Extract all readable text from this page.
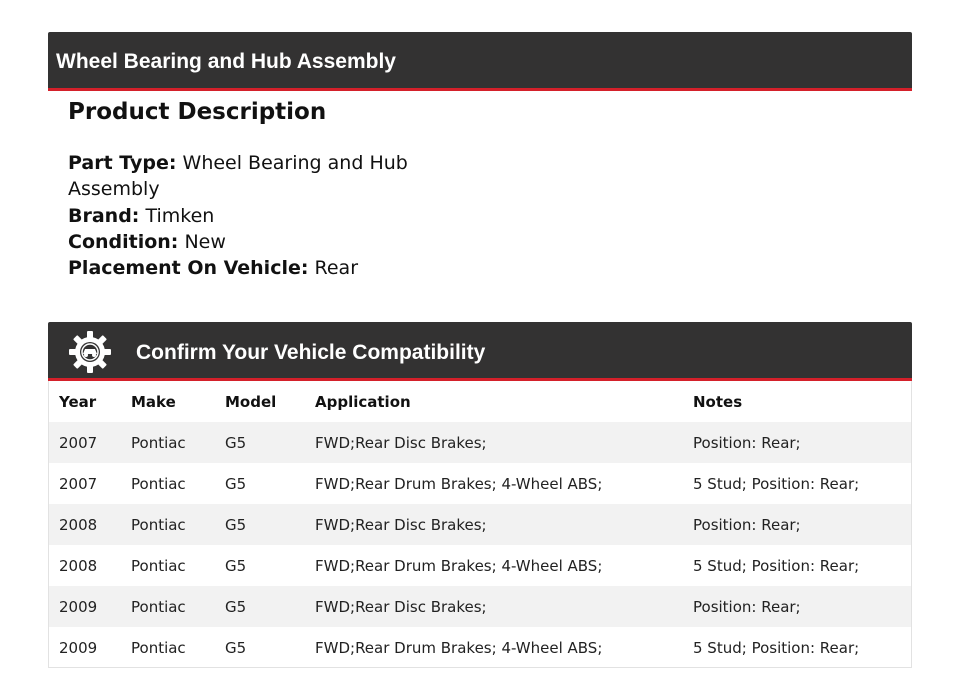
Wheel Bearing and Hub Assembly
Product Description
Part Type: Wheel Bearing and Hub Assembly
Brand: Timken
Condition: New
Placement On Vehicle: Rear
Confirm Your Vehicle Compatibility
Year	Make	Model	Application	Notes
2007	Pontiac	G5	FWD;Rear Disc Brakes;	Position: Rear;
2007	Pontiac	G5	FWD;Rear Drum Brakes; 4-Wheel ABS;	5 Stud; Position: Rear;
2008	Pontiac	G5	FWD;Rear Disc Brakes;	Position: Rear;
2008	Pontiac	G5	FWD;Rear Drum Brakes; 4-Wheel ABS;	5 Stud; Position: Rear;
2009	Pontiac	G5	FWD;Rear Disc Brakes;	Position: Rear;
2009	Pontiac	G5	FWD;Rear Drum Brakes; 4-Wheel ABS;	5 Stud; Position: Rear;
